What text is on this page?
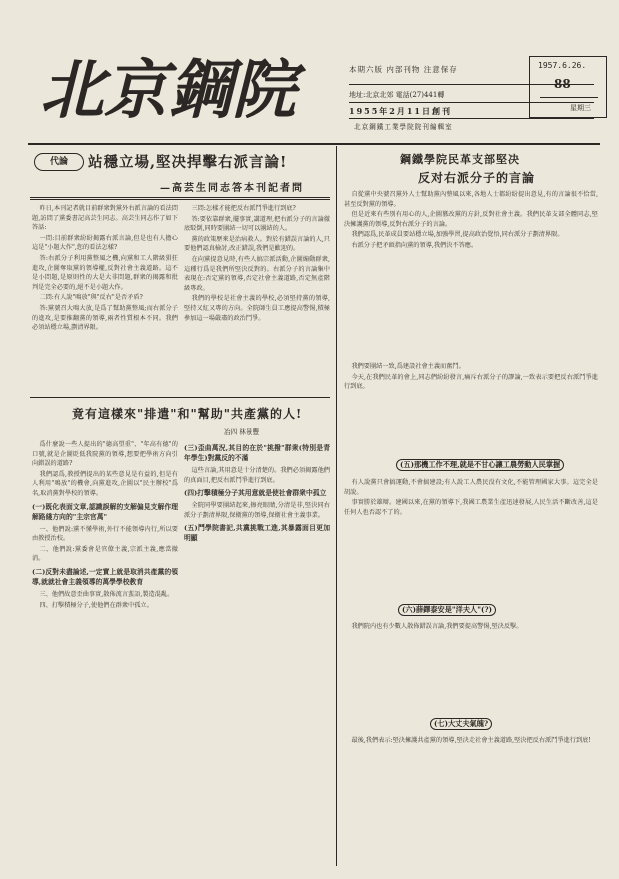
北京鋼院	本期六版 内部刊物 注意保存
地址:北京北郊 電話(27)441轉
1955年2月11日創刊
北京鋼鐵工業學院院刊編輯室
1957.6.26.
88
星期三
代論	站穩立場,堅决捍擊右派言論!
—高芸生同志答本刊記者問

昨日,本刊記者就目前群衆對黨外右派言論的看法問題,訪問了黨委書記高芸生同志。高芸生同志作了如下答話:

一問:目前群衆紛紛揭露右派言論,但是也有人擔心這是"小題大作",您的看法怎樣?

答:右派分子利用黨整風之機,向黨和工人階級猖狂進攻,企圖奪取黨的領導權,反對社會主義道路。這不是小問題,是原則性的大是大非問題,群衆的揭露和批判是完全必要的,絕不是小題大作。

二問:有人說"鳴放"與"反右"是否矛盾?

答:黨號召大鳴大放,是爲了幫助黨整風;而右派分子的進攻,是要推翻黨的領導,兩者性質根本不同。我們必須站穩立場,劃清界限。

三問:怎樣才能把反右派鬥爭進行到底?

答:要依靠群衆,擺事實,講道理,把右派分子的言論徹底駁倒,同時要團結一切可以團結的人。

黨的政策歷來是治病救人。對於有錯誤言論的人,只要他們認真檢討,改正錯誤,我們是歡迎的。

在向黨提意見時,有些人搞宗派活動,企圖煽動群衆,這種行爲是我們所堅決反對的。右派分子的言論集中表現在:否定黨的領導,否定社會主義道路,否定無產階級專政。

我們的學校是社會主義的學校,必須堅持黨的領導,堅持又紅又專的方向。全院師生員工應提高警惕,積極參加這一場嚴肅的政治鬥爭。

竟有這樣來"排遣"和"幫助"共產黨的人!
冶四 林景豐

爲什麼說一些人提出的"德高望重"、"年高有德"的口號,就是企圖貶低我院黨的領導,想要把學術方向引向錯誤的道路?

我們認爲,教授們提出的某些意見是有益的,但是有人利用"鳴放"的機會,向黨進攻,企圖以"民主辦校"爲名,取消黨對學校的領導。

(一)既化表面文章,認識誤解的支解偏見支解作理解路綫方向的"主宗官萬"

一、他們說:黨不懂學術,外行不能領導内行,所以要由教授治校。

二、他們說:黨委會是官僚主義,宗派主義,應當撤消。

(二)反對未盡論述,一定實上就是取消共產黨的領導,就就社會主義領導的萬學學校教育

三、他們故意歪曲事實,散佈流言蜚語,製造混亂。

四、打擊積極分子,使他們在群衆中孤立。

(三)歪曲萬況,其目的在於"挑撥"群衆(特別是青年學生)對黨反的不滿

這些言論,其用意是十分清楚的。我們必須揭露他們的真面目,把反右派鬥爭進行到底。

(四)打擊積極分子其用意就是使社會群衆中孤立

全院同學要團結起來,擦亮眼睛,分清是非,堅決同右派分子劃清界限,保衛黨的領導,保衛社會主義事業。

(五)鬥學院書記,共黨挑戰工進,其暴露面目更加明顯
鋼鐵學院民革支部堅决
反对右派分子的言論

自從黨中央號召黨外人士幫助黨內整風以來,各地人士都紛紛提出意見,有的言論很不恰當,甚至反對黨的領導。

但是近來有些别有用心的人,企圖篡改黨的方針,反對社會主義。我們民革支部全體同志,堅決擁護黨的領導,反對右派分子的言論。

我們認爲,民革成員要站穩立場,加強學習,提高政治覺悟,同右派分子劃清界限。

右派分子把矛頭指向黨的領導,我們決不答應。

我們要團結一致,爲建設社會主義而奮鬥。

今天,在我們民革的會上,同志們紛紛發言,痛斥右派分子的謬論,一致表示要把反右派鬥爭進行到底。

(五)那機工作不理,就是不甘心讓工農勞動人民掌握

有人說黨只會搞運動,不會搞建設;有人說工人農民没有文化,不能管理國家大事。這完全是胡說。

事實勝於雄辯。建國以來,在黨的領導下,我國工農業生產迅速發展,人民生活不斷改善,這是任何人也否認不了的。

(六)薛鐸泰安是"洋夫人"(?)

我們院内也有少數人散佈錯誤言論,我們要提高警惕,堅決反擊。

(七)大丈夫氣魄?

最後,我們表示:堅決擁護共產黨的領導,堅決走社會主義道路,堅決把反右派鬥爭進行到底!
